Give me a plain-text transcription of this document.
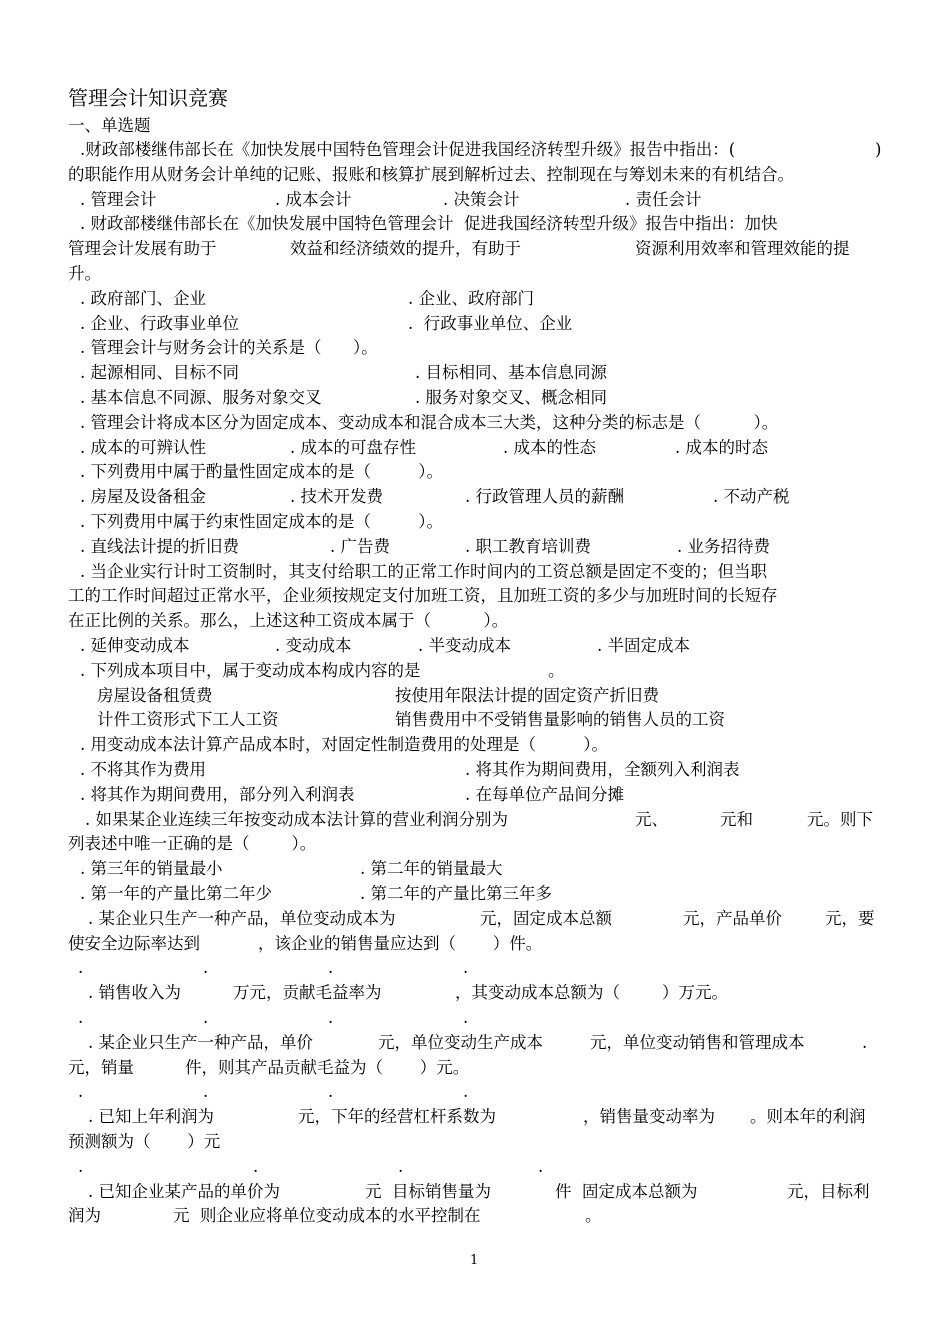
管理会计知识竞赛
一、单选题
.财政部楼继伟部长在《加快发展中国特色管理会计促进我国经济转型升级》报告中指出：(	)
的职能作用从财务会计单纯的记账、报账和核算扩展到解析过去、控制现在与筹划未来的有机结合。
. 管理会计	. 成本会计	. 决策会计	. 责任会计
. 财政部楼继伟部长在《加快发展中国特色管理会计  促进我国经济转型升级》报告中指出：加快
管理会计发展有助于	效益和经济绩效的提升，有助于	资源利用效率和管理效能的提
升。
. 政府部门、企业	. 企业、政府部门
. 企业、行政事业单位	.  行政事业单位、企业
. 管理会计与财务会计的关系是（      ）。
. 起源相同、目标不同	. 目标相同、基本信息同源
. 基本信息不同源、服务对象交叉	. 服务对象交叉、概念相同
. 管理会计将成本区分为固定成本、变动成本和混合成本三大类，这种分类的标志是（          ）。
. 成本的可辨认性	. 成本的可盘存性	. 成本的性态	. 成本的时态
. 下列费用中属于酌量性固定成本的是（         ）。
. 房屋及设备租金	. 技术开发费	. 行政管理人员的薪酬	. 不动产税
. 下列费用中属于约束性固定成本的是（         ）。
. 直线法计提的折旧费	. 广告费	. 职工教育培训费	. 业务招待费
. 当企业实行计时工资制时，其支付给职工的正常工作时间内的工资总额是固定不变的；但当职
工的工作时间超过正常水平，企业须按规定支付加班工资，且加班工资的多少与加班时间的长短存
在正比例的关系。那么，上述这种工资成本属于（          ）。
. 延伸变动成本	. 变动成本	. 半变动成本	. 半固定成本
. 下列成本项目中，属于变动成本构成内容的是	。
房屋设备租赁费	按使用年限法计提的固定资产折旧费
计件工资形式下工人工资	销售费用中不受销售量影响的销售人员的工资
. 用变动成本法计算产品成本时，对固定性制造费用的处理是（         ）。
. 不将其作为费用	. 将其作为期间费用，全额列入利润表
. 将其作为期间费用，部分列入利润表	. 在每单位产品间分摊
. 如果某企业连续三年按变动成本法计算的营业利润分别为	元、	元和	元。则下
列表述中唯一正确的是（        ）。
. 第三年的销量最小	. 第二年的销量最大
. 第一年的产量比第二年少	. 第二年的产量比第三年多
. 某企业只生产一种产品，单位变动成本为	元，固定成本总额	元，产品单价	元，要
使安全边际率达到	，该企业的销售量应达到（       ）件。
.	.	.	.
. 销售收入为	万元，贡献毛益率为	，其变动成本总额为（        ）万元。
.	.	.	.
. 某企业只生产一种产品，单价	元，单位变动生产成本	元，单位变动销售和管理成本	.
元，销量	件，则其产品贡献毛益为（       ）元。
.	.	.	.
. 已知上年利润为	元，下年的经营杠杆系数为	，销售量变动率为 。则本年的利润
预测额为（       ）元
.	.	.	.
. 已知企业某产品的单价为	元  目标销售量为	件  固定成本总额为	元，目标利
润为	元  则企业应将单位变动成本的水平控制在	。
1
